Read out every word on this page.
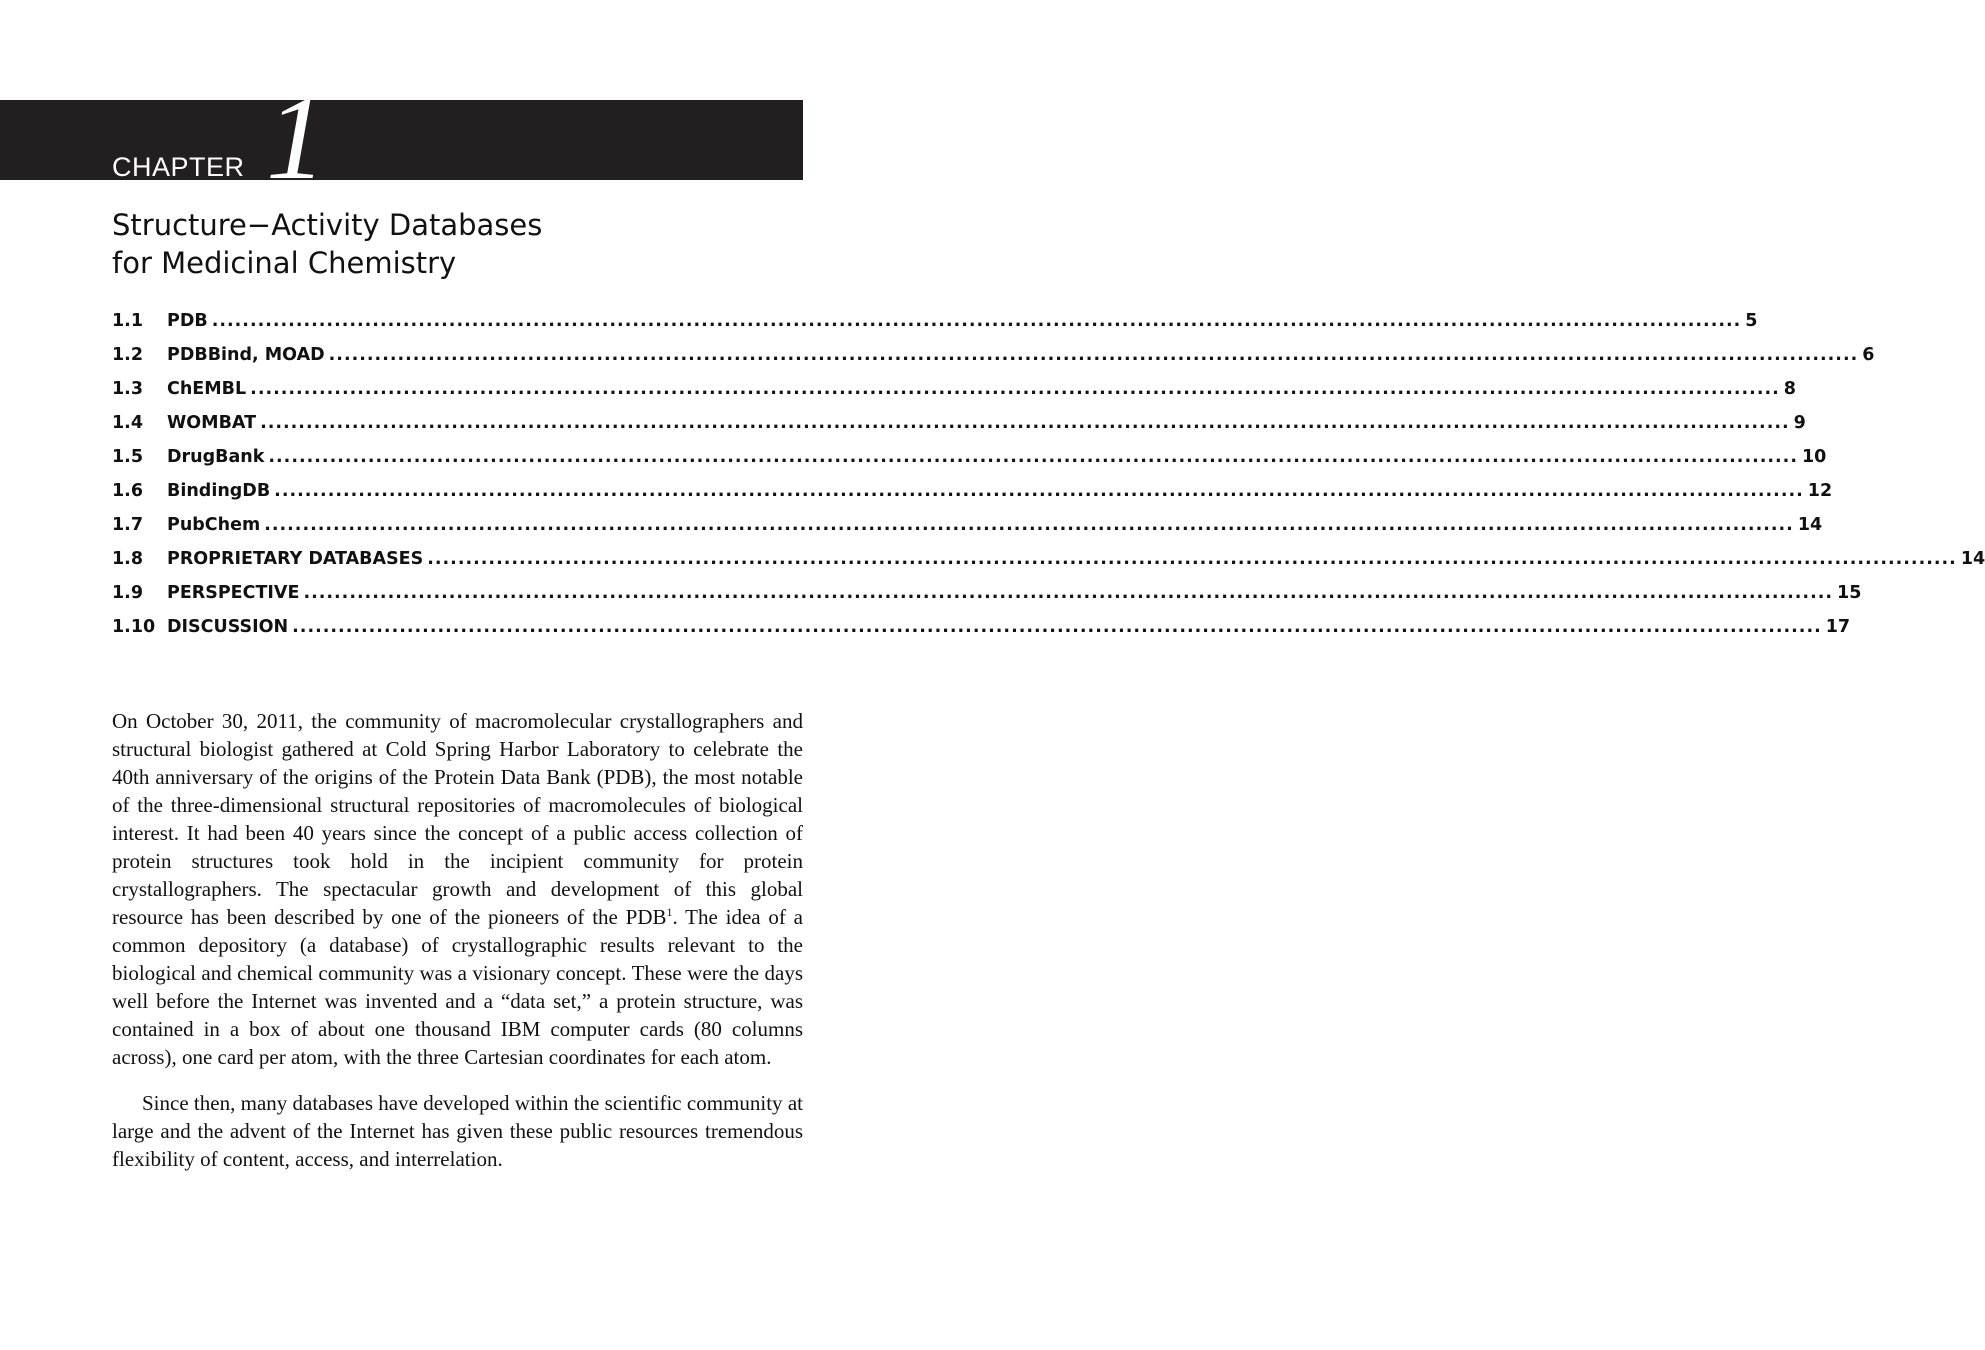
CHAPTER 1
Structure−Activity Databases
for Medicinal Chemistry
1.1	PDB ........................................................................................................................................................................................................ 5
1.2	PDBBind, MOAD ........................................................................................................................................................................................................ 6
1.3	ChEMBL ........................................................................................................................................................................................................ 8
1.4	WOMBAT ........................................................................................................................................................................................................ 9
1.5	DrugBank ........................................................................................................................................................................................................ 10
1.6	BindingDB ........................................................................................................................................................................................................ 12
1.7	PubChem ........................................................................................................................................................................................................ 14
1.8	PROPRIETARY DATABASES ........................................................................................................................................................................................................ 14
1.9	PERSPECTIVE ........................................................................................................................................................................................................ 15
1.10 DISCUSSION ........................................................................................................................................................................................................ 17

On October 30, 2011, the community of macromolecular crystallographers and structural biologist gathered at Cold Spring Harbor Laboratory to celebrate the 40th anniversary of the origins of the Protein Data Bank (PDB), the most notable of the three-dimensional structural repositories of macromolecules of biological interest. It had been 40 years since the concept of a public access collection of protein structures took hold in the incipient community for protein crystallographers. The spectacular growth and development of this global resource has been described by one of the pioneers of the PDB$^1$. The idea of a common depository (a database) of crystallographic results relevant to the biological and chemical community was a visionary concept. These were the days well before the Internet was invented and a “data set,” a protein structure, was contained in a box of about one thousand IBM computer cards (80 columns across), one card per atom, with the three Cartesian coordinates for each atom.

Since then, many databases have developed within the scientific community at large and the advent of the Internet has given these public resources tremendous flexibility of content, access, and interrelation.
